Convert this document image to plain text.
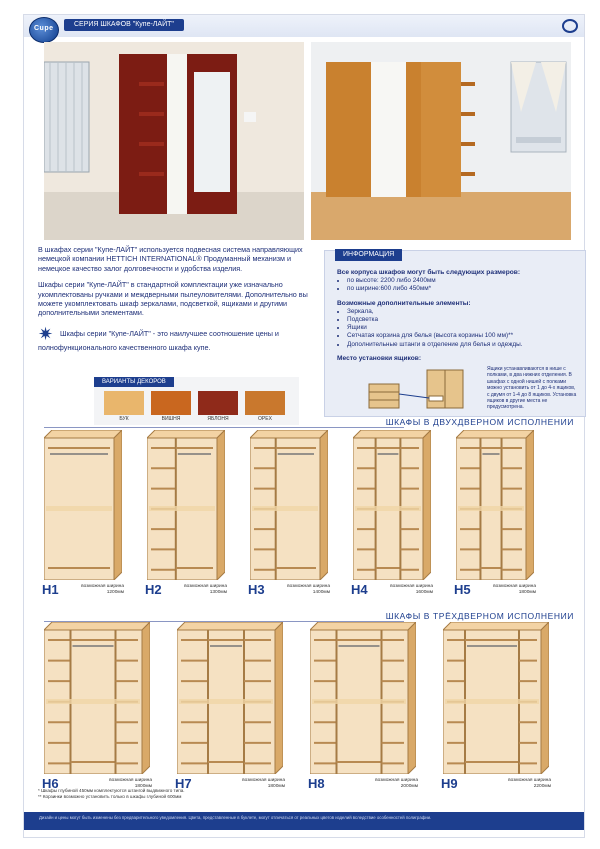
Cupe
СЕРИЯ ШКАФОВ "Купе-ЛАЙТ"

В шкафах серии "Купе-ЛАЙТ" используется подвесная система направляющих немецкой компании HETTICH INTERNATIONAL® Продуманный механизм и немецкое качество залог долговечности и удобства изделия.

Шкафы серии "Купе-ЛАЙТ" в стандартной комплектации уже изначально укомплектованы ручками и междверными пылеуловителями. Дополнительно вы можете укомплектовать шкаф зеркалами, подсветкой, ящиками и другими дополнительными элементами.

✷ Шкафы серии "Купе-ЛАЙТ" - это наилучшее соотношение цены и полнофункционального качественного шкафа купе.

ВАРИАНТЫ ДЕКОРОВ
БУК	ВИШНЯ	ЯБЛОНЯ	ОРЕХ
ИНФОРМАЦИЯ
Все корпуса шкафов могут быть следующих размеров:
• по высоте: 2200 либо 2400мм
• по ширине:600 либо 450мм*
Возможные дополнительные элементы:
• Зеркала,
• Подсветка
• Ящики
• Сетчатая корзина для белья (высота корзины 100 мм)**
• Дополнительные штанги в отделение для белья и одежды.
Место установки ящиков:
Ящики устанавливаются в нише с полками, в два нижних отделения. В шкафах с одной нишей с полками можно установить от 1 до 4-х ящиков, с двумя от 1-4 до 8 ящиков. Установка ящиков в другие места не предусмотрена.
ШКАФЫ В ДВУХДВЕРНОМ ИСПОЛНЕНИИ
ШКАФЫ В ТРЁХДВЕРНОМ ИСПОЛНЕНИИ
H1	возможная ширина
1200мм H2	возможная ширина
1300мм H3	возможная ширина
1400мм H4	возможная ширина
1600мм H5	возможная ширина
1800мм
H6	возможная ширина
1800мм H7	возможная ширина
1800мм H8	возможная ширина
2000мм H9	возможная ширина
2200мм
* Шкафы глубиной 450мм комплектуются штангой выдвижного типа.
** Корзинки возможно установить только в шкафы глубиной 600мм
Дизайн и цены могут быть изменены без предварительного уведомления. Цвета, представленные в буклете, могут отличаться от реальных цветов изделий вследствие особенностей полиграфии.
